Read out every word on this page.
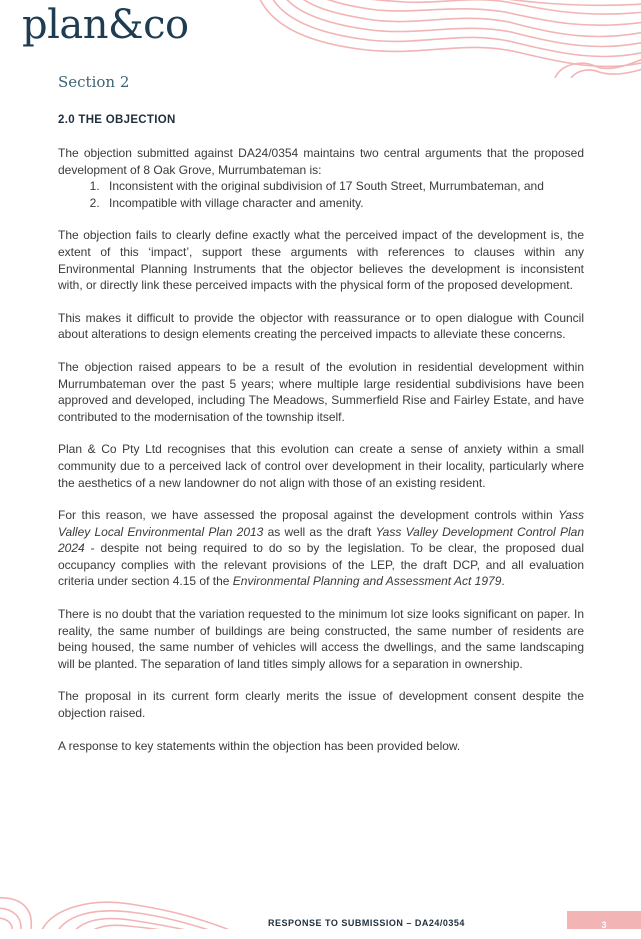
plan&co
Section 2
2.0 THE OBJECTION

The objection submitted against DA24/0354 maintains two central arguments that the proposed development of 8 Oak Grove, Murrumbateman is:

1. Inconsistent with the original subdivision of 17 South Street, Murrumbateman, and
2. Incompatible with village character and amenity.

The objection fails to clearly define exactly what the perceived impact of the development is, the extent of this ‘impact’, support these arguments with references to clauses within any Environmental Planning Instruments that the objector believes the development is inconsistent with, or directly link these perceived impacts with the physical form of the proposed development.

This makes it difficult to provide the objector with reassurance or to open dialogue with Council about alterations to design elements creating the perceived impacts to alleviate these concerns.

The objection raised appears to be a result of the evolution in residential development within Murrumbateman over the past 5 years; where multiple large residential subdivisions have been approved and developed, including The Meadows, Summerfield Rise and Fairley Estate, and have contributed to the modernisation of the township itself.

Plan & Co Pty Ltd recognises that this evolution can create a sense of anxiety within a small community due to a perceived lack of control over development in their locality, particularly where the aesthetics of a new landowner do not align with those of an existing resident.

For this reason, we have assessed the proposal against the development controls within Yass Valley Local Environmental Plan 2013 as well as the draft Yass Valley Development Control Plan 2024 - despite not being required to do so by the legislation. To be clear, the proposed dual occupancy complies with the relevant provisions of the LEP, the draft DCP, and all evaluation criteria under section 4.15 of the Environmental Planning and Assessment Act 1979.

There is no doubt that the variation requested to the minimum lot size looks significant on paper. In reality, the same number of buildings are being constructed, the same number of residents are being housed, the same number of vehicles will access the dwellings, and the same landscaping will be planted. The separation of land titles simply allows for a separation in ownership.

The proposal in its current form clearly merits the issue of development consent despite the objection raised.

A response to key statements within the objection has been provided below.

RESPONSE TO SUBMISSION – DA24/0354	3
